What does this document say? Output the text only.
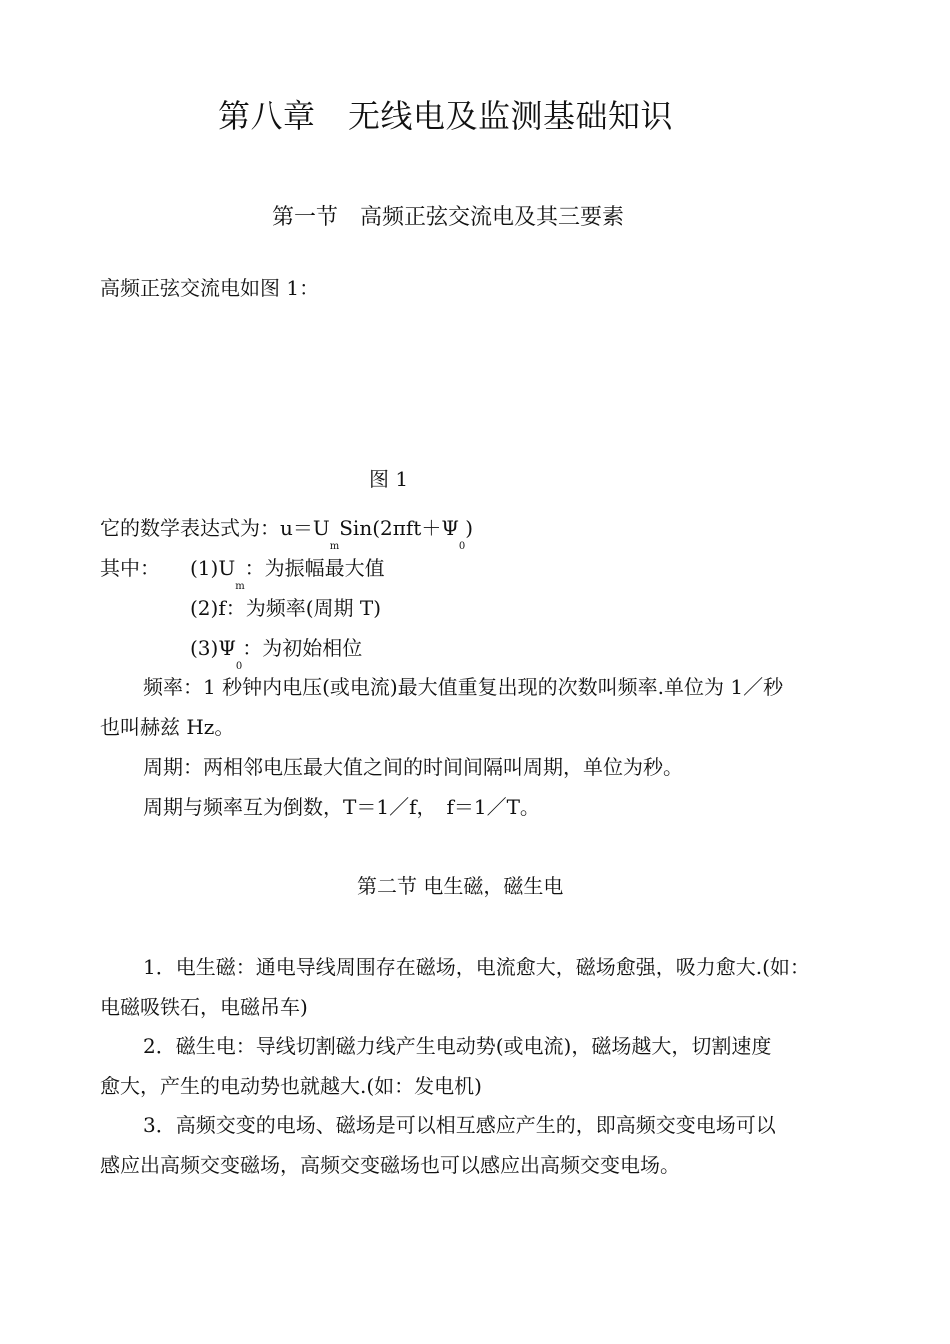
第八章　无线电及监测基础知识
第一节　高频正弦交流电及其三要素
高频正弦交流电如图 1：
图 1
它的数学表达式为：$u=U_mSin(2\pi ft+\Psi_0)$
其中： $(1)U_m$：为振幅最大值
(2)f：为频率(周期 T)
$(3)\Psi_0$：为初始相位
频率：1 秒钟内电压(或电流)最大值重复出现的次数叫频率.单位为 1／秒
也叫赫兹 Hz。
周期：两相邻电压最大值之间的时间间隔叫周期，单位为秒。
周期与频率互为倒数，T＝1／f，　f＝1／T。
第二节 电生磁，磁生电
1．电生磁：通电导线周围存在磁场，电流愈大，磁场愈强，吸力愈大.(如：
电磁吸铁石，电磁吊车)
2．磁生电：导线切割磁力线产生电动势(或电流)，磁场越大，切割速度
愈大，产生的电动势也就越大.(如：发电机)
3．高频交变的电场、磁场是可以相互感应产生的，即高频交变电场可以
感应出高频交变磁场，高频交变磁场也可以感应出高频交变电场。
